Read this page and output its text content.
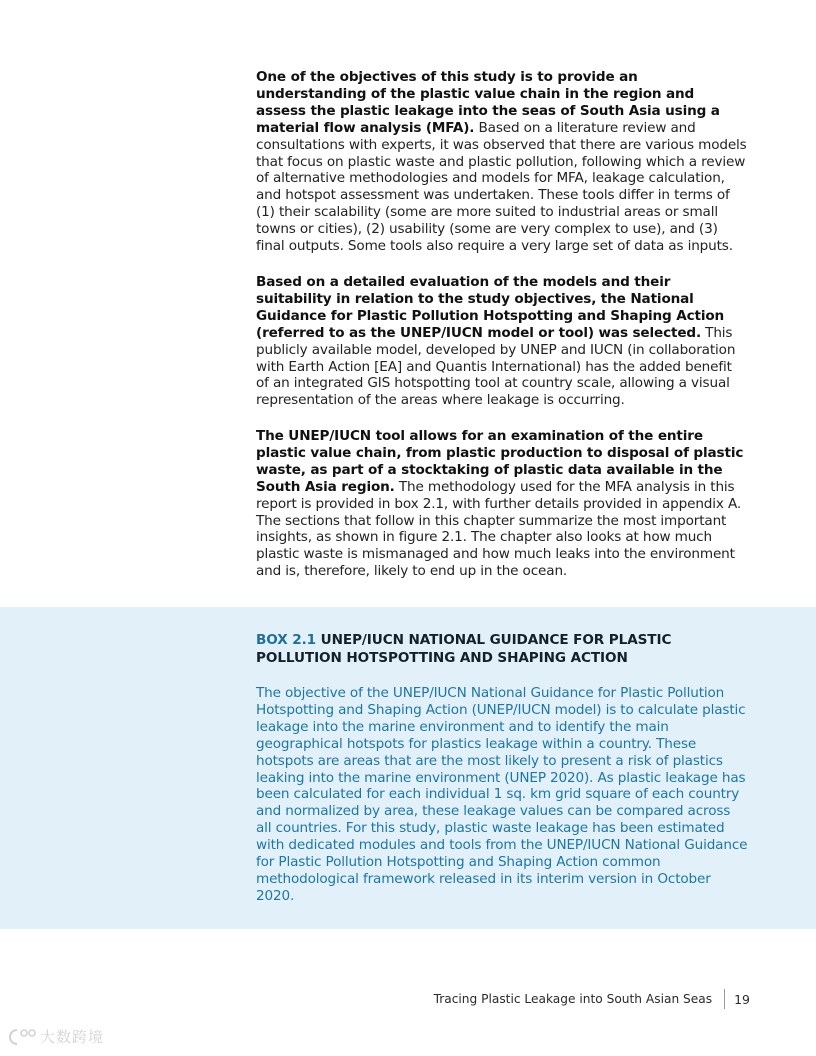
One of the objectives of this study is to provide an understanding of the plastic value chain in the region and assess the plastic leakage into the seas of South Asia using a material flow analysis (MFA). Based on a literature review and consultations with experts, it was observed that there are various models that focus on plastic waste and plastic pollution, following which a review of alternative methodologies and models for MFA, leakage calculation, and hotspot assessment was undertaken. These tools differ in terms of (1) their scalability (some are more suited to industrial areas or small towns or cities), (2) usability (some are very complex to use), and (3) final outputs. Some tools also require a very large set of data as inputs.

Based on a detailed evaluation of the models and their suitability in relation to the study objectives, the National Guidance for Plastic Pollution Hotspotting and Shaping Action (referred to as the UNEP/IUCN model or tool) was selected. This publicly available model, developed by UNEP and IUCN (in collaboration with Earth Action [EA] and Quantis International) has the added benefit of an integrated GIS hotspotting tool at country scale, allowing a visual representation of the areas where leakage is occurring.

The UNEP/IUCN tool allows for an examination of the entire plastic value chain, from plastic production to disposal of plastic waste, as part of a stocktaking of plastic data available in the South Asia region. The methodology used for the MFA analysis in this report is provided in box 2.1, with further details provided in appendix A. The sections that follow in this chapter summarize the most important insights, as shown in figure 2.1. The chapter also looks at how much plastic waste is mismanaged and how much leaks into the environment and is, therefore, likely to end up in the ocean.

BOX 2.1 UNEP/IUCN NATIONAL GUIDANCE FOR PLASTIC POLLUTION HOTSPOTTING AND SHAPING ACTION

The objective of the UNEP/IUCN National Guidance for Plastic Pollution Hotspotting and Shaping Action (UNEP/IUCN model) is to calculate plastic leakage into the marine environment and to identify the main geographical hotspots for plastics leakage within a country. These hotspots are areas that are the most likely to present a risk of plastics leaking into the marine environment (UNEP 2020). As plastic leakage has been calculated for each individual 1 sq. km grid square of each country and normalized by area, these leakage values can be compared across all countries. For this study, plastic waste leakage has been estimated with dedicated modules and tools from the UNEP/IUCN National Guidance for Plastic Pollution Hotspotting and Shaping Action common methodological framework released in its interim version in October 2020.

Tracing Plastic Leakage into South Asian Seas 19
大数跨境
